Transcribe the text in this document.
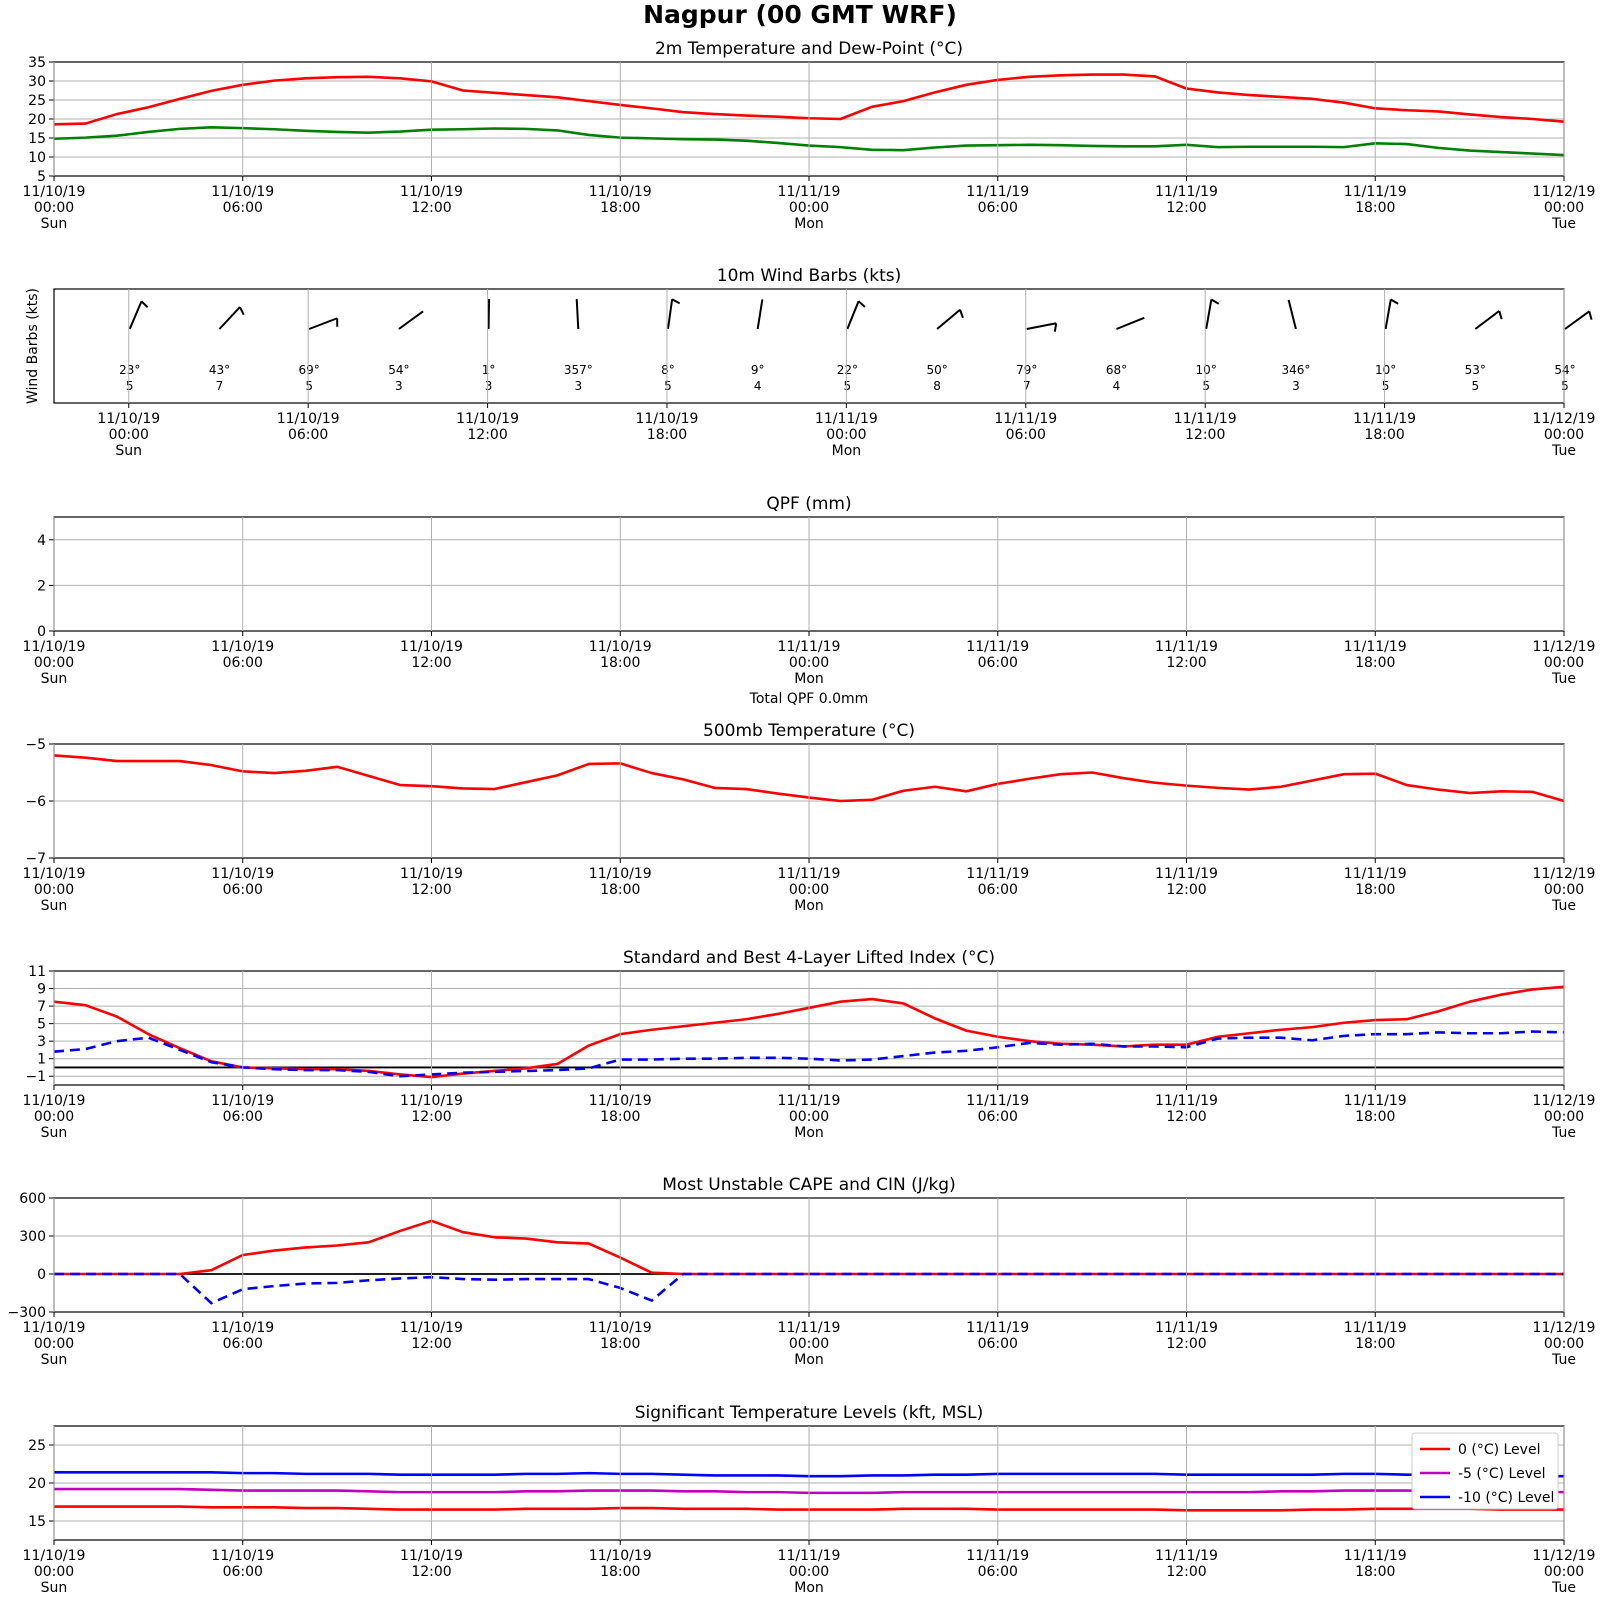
Nagpur (00 GMT WRF)
2m Temperature and Dew-Point (°C)
5
10
15
20
25
30
35
11/10/19
00:00
Sun
11/10/19
06:00
11/10/19
12:00
11/10/19
18:00
11/11/19
00:00
Mon
11/11/19
06:00
11/11/19
12:00
11/11/19
18:00
11/12/19
00:00
Tue
10m Wind Barbs (kts)
Wind Barbs (kts)	23°
5
43°
7
69°
5
54°
3
1°
3
357°
3
8°
5
9°
4
22°
5
50°
8
79°
7
68°
4
10°
5
346°
3
10°
5
53°
5
54°
5
11/10/19
00:00
Sun
11/10/19
06:00
11/10/19
12:00
11/10/19
18:00
11/11/19
00:00
Mon
11/11/19
06:00
11/11/19
12:00
11/11/19
18:00
11/12/19
00:00
Tue
QPF (mm)
0
2
4
Total QPF 0.0mm
11/10/19
00:00
Sun
11/10/19
06:00
11/10/19
12:00
11/10/19
18:00
11/11/19
00:00
Mon
11/11/19
06:00
11/11/19
12:00
11/11/19
18:00
11/12/19
00:00
Tue
500mb Temperature (°C)
−7
−6
−5
11/10/19
00:00
Sun
11/10/19
06:00
11/10/19
12:00
11/10/19
18:00
11/11/19
00:00
Mon
11/11/19
06:00
11/11/19
12:00
11/11/19
18:00
11/12/19
00:00
Tue
Standard and Best 4-Layer Lifted Index (°C)
−1
1
3
5
7
9
11
11/10/19
00:00
Sun
11/10/19
06:00
11/10/19
12:00
11/10/19
18:00
11/11/19
00:00
Mon
11/11/19
06:00
11/11/19
12:00
11/11/19
18:00
11/12/19
00:00
Tue
Most Unstable CAPE and CIN (J/kg)
−300
0
300
600
11/10/19
00:00
Sun
11/10/19
06:00
11/10/19
12:00
11/10/19
18:00
11/11/19
00:00
Mon
11/11/19
06:00
11/11/19
12:00
11/11/19
18:00
11/12/19
00:00
Tue
Significant Temperature Levels (kft, MSL)
15
20
25	0 (°C) Level
-5 (°C) Level
-10 (°C) Level
11/10/19
00:00
Sun
11/10/19
06:00
11/10/19
12:00
11/10/19
18:00
11/11/19
00:00
Mon
11/11/19
06:00
11/11/19
12:00
11/11/19
18:00
11/12/19
00:00
Tue
